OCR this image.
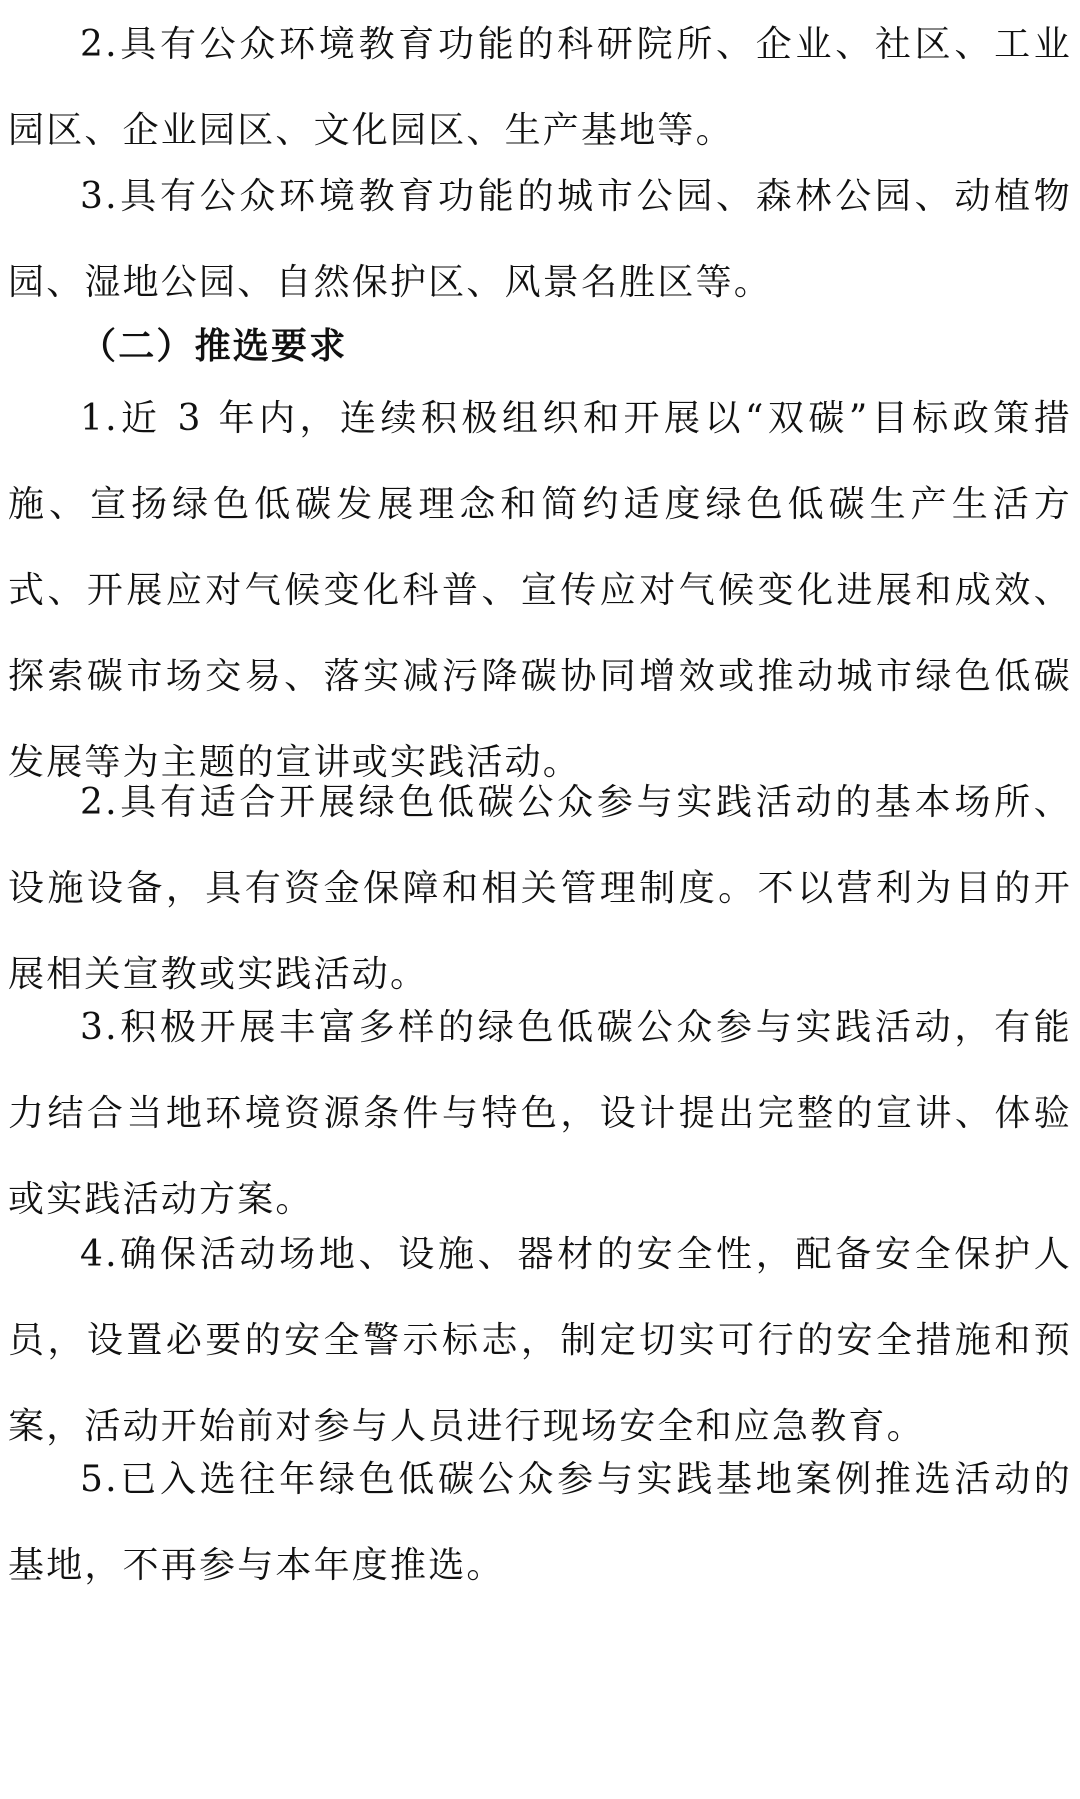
2.具有公众环境教育功能的科研院所、企业、社区、工业园区、企业园区、文化园区、生产基地等。

3.具有公众环境教育功能的城市公园、森林公园、动植物园、湿地公园、自然保护区、风景名胜区等。

（二）推选要求

1.近 3 年内，连续积极组织和开展以“双碳”目标政策措施、宣扬绿色低碳发展理念和简约适度绿色低碳生产生活方式、开展应对气候变化科普、宣传应对气候变化进展和成效、探索碳市场交易、落实减污降碳协同增效或推动城市绿色低碳发展等为主题的宣讲或实践活动。

2.具有适合开展绿色低碳公众参与实践活动的基本场所、设施设备，具有资金保障和相关管理制度。不以营利为目的开展相关宣教或实践活动。

3.积极开展丰富多样的绿色低碳公众参与实践活动，有能力结合当地环境资源条件与特色，设计提出完整的宣讲、体验或实践活动方案。

4.确保活动场地、设施、器材的安全性，配备安全保护人员，设置必要的安全警示标志，制定切实可行的安全措施和预案，活动开始前对参与人员进行现场安全和应急教育。

5.已入选往年绿色低碳公众参与实践基地案例推选活动的基地，不再参与本年度推选。
